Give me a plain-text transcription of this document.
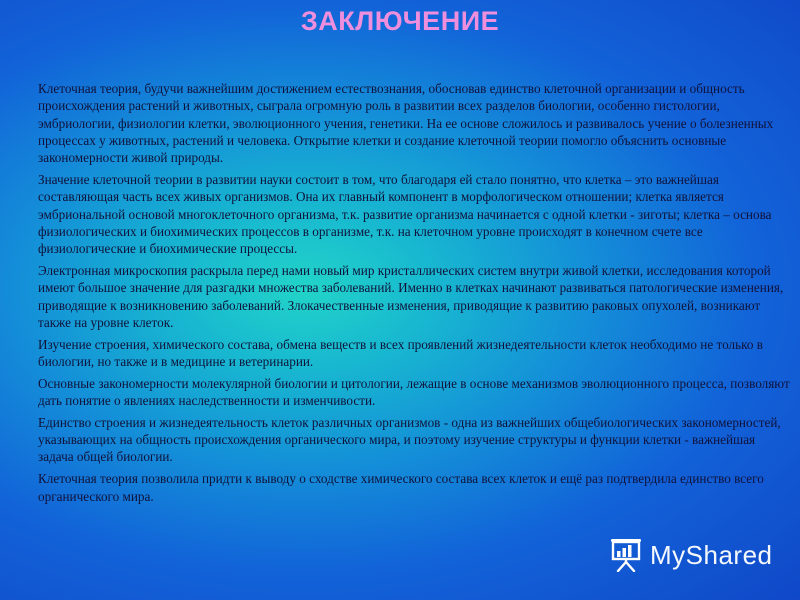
ЗАКЛЮЧЕНИЕ

Клеточная теория, будучи важнейшим достижением естествознания, обосновав единство клеточной организации и общность происхождения растений и животных, сыграла огромную роль в развитии всех разделов биологии, особенно гистологии, эмбриологии, физиологии клетки, эволюционного учения, генетики. На ее основе сложилось и развивалось учение о болезненных процессах у животных, растений и человека. Открытие клетки и создание клеточной теории помогло объяснить основные закономерности живой природы.

Значение клеточной теории в развитии науки состоит в том, что благодаря ей стало понятно, что клетка – это важнейшая составляющая часть всех живых организмов. Она их главный компонент в морфологическом отношении; клетка является эмбриональной основой многоклеточного организма, т.к. развитие организма начинается с одной клетки - зиготы; клетка – основа физиологических и биохимических процессов в организме, т.к. на клеточном уровне происходят в конечном счете все физиологические и биохимические процессы.

Электронная микроскопия раскрыла перед нами новый мир кристаллических систем внутри живой клетки, исследования которой имеют большое значение для разгадки множества заболеваний. Именно в клетках начинают развиваться патологические изменения, приводящие к возникновению заболеваний. Злокачественные изменения, приводящие к развитию раковых опухолей, возникают также на уровне клеток.

Изучение строения, химического состава, обмена веществ и всех проявлений жизнедеятельности клеток необходимо не только в биологии, но также и в медицине и ветеринарии.

Основные закономерности молекулярной биологии и цитологии, лежащие в основе механизмов эволюционного процесса, позволяют дать понятие о явлениях наследственности и изменчивости.

Единство строения и жизнедеятельность клеток различных организмов - одна из важнейших общебиологических закономерностей, указывающих на общность происхождения органического мира, и поэтому изучение структуры и функции клетки - важнейшая задача общей биологии.

Клеточная теория позволила придти к выводу о сходстве химического состава всех клеток и ещё раз подтвердила единство всего органического мира.

MyShared
